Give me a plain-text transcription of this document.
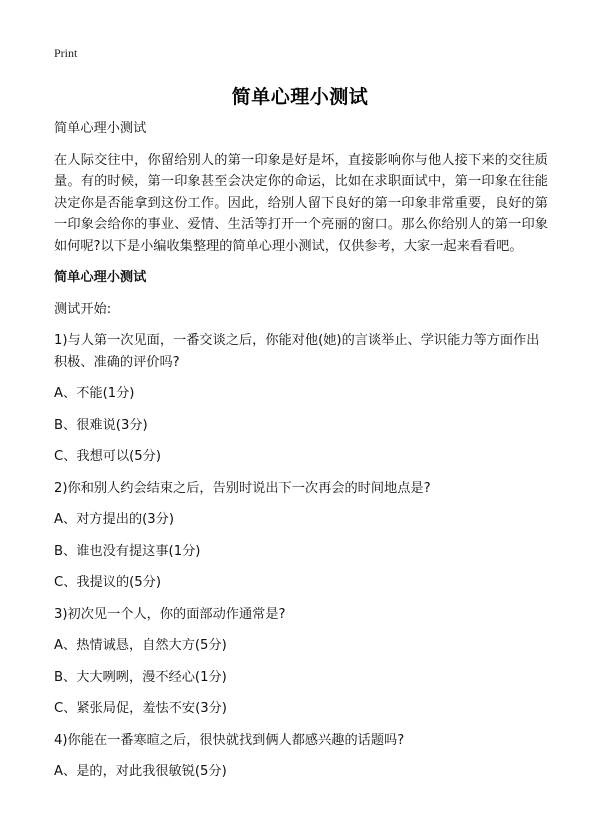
Print
简单心理小测试

简单心理小测试

在人际交往中，你留给别人的第一印象是好是坏，直接影响你与他人接下来的交往质量。有的时候，第一印象甚至会决定你的命运，比如在求职面试中，第一印象在往能决定你是否能拿到这份工作。因此，给别人留下良好的第一印象非常重要，良好的第一印象会给你的事业、爱情、生活等打开一个亮丽的窗口。那么你给别人的第一印象如何呢?以下是小编收集整理的简单心理小测试，仅供参考，大家一起来看看吧。

简单心理小测试

测试开始:

1)与人第一次见面，一番交谈之后，你能对他(她)的言谈举止、学识能力等方面作出积极、准确的评价吗?

A、不能(1分)

B、很难说(3分)

C、我想可以(5分)

2)你和别人约会结束之后，告别时说出下一次再会的时间地点是?

A、对方提出的(3分)

B、谁也没有提这事(1分)

C、我提议的(5分)

3)初次见一个人，你的面部动作通常是?

A、热情诚恳，自然大方(5分)

B、大大咧咧，漫不经心(1分)

C、紧张局促，羞怯不安(3分)

4)你能在一番寒暄之后，很快就找到俩人都感兴趣的话题吗?

A、是的，对此我很敏锐(5分)
